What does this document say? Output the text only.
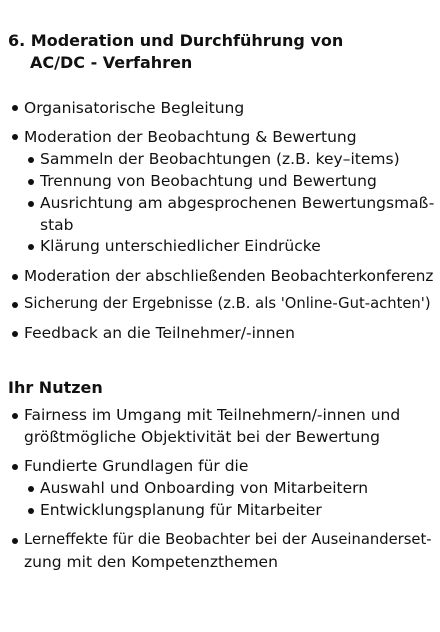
6. Moderation und Durchführung von
AC/DC - Verfahren
Organisatorische Begleitung
Moderation der Beobachtung & Bewertung
Sammeln der Beobachtungen (z.B. key–items)
Trennung von Beobachtung und Bewertung
Ausrichtung am abgesprochenen Bewertungsmaß-
stab
Klärung unterschiedlicher Eindrücke
Moderation der abschließenden Beobachterkonferenz
Sicherung der Ergebnisse (z.B. als 'Online-Gut-achten')
Feedback an die Teilnehmer/-innen
Ihr Nutzen
Fairness im Umgang mit Teilnehmern/-innen und
größtmögliche Objektivität bei der Bewertung
Fundierte Grundlagen für die
Auswahl und Onboarding von Mitarbeitern
Entwicklungsplanung für Mitarbeiter
Lerneffekte für die Beobachter bei der Auseinanderset-
zung mit den Kompetenzthemen
